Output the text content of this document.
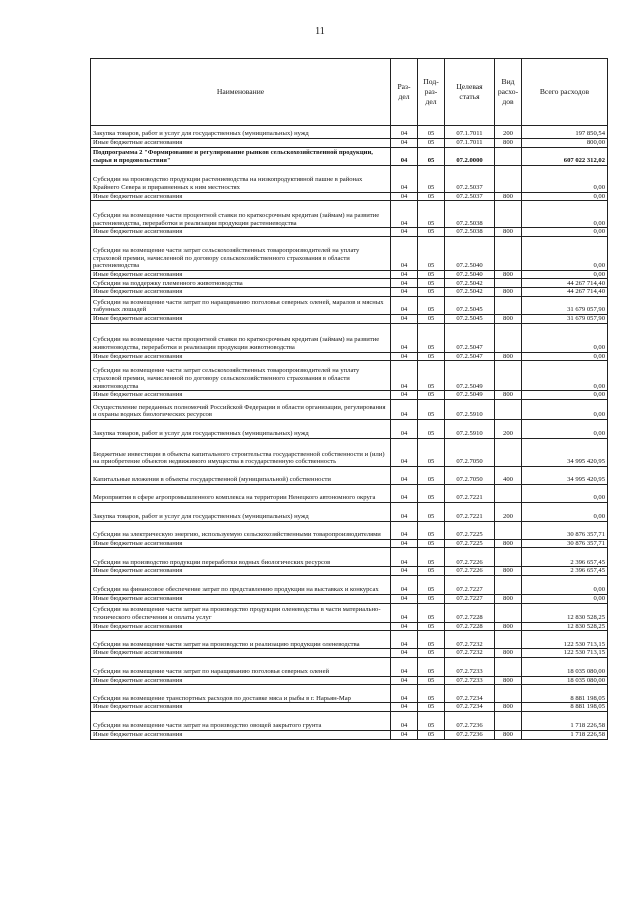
11
Наименование	Раз-дел	Под-раз-дел	Целевая статья	Вид расхо-дов	Всего расходов
Закупка товаров, работ и услуг для государственных (муниципальных) нужд	04	05	07.1.7011	200	197 850,54
Иные бюджетные ассигнования	04	05	07.1.7011	800	800,00
Подпрограмма 2 "Формирование и регулирование рынков сельскохозяйственной продукции, сырья и продовольствия"	04	05	07.2.0000		607 022 312,02
Субсидии на производство продукции растениеводства на низкопродуктивной пашне в районах Крайнего Севера и приравненных к ним местностях	04	05	07.2.5037		0,00
Иные бюджетные ассигнования	04	05	07.2.5037	800	0,00
Субсидии на возмещение части процентной ставки по краткосрочным кредитам (займам) на развитие растениеводства, переработки и реализации продукции растениеводства	04	05	07.2.5038		0,00
Иные бюджетные ассигнования	04	05	07.2.5038	800	0,00
Субсидии на возмещение части затрат сельскохозяйственных товаропроизводителей на уплату страховой премии, начисленной по договору сельскохозяйственного страхования в области растениеводства	04	05	07.2.5040		0,00
Иные бюджетные ассигнования	04	05	07.2.5040	800	0,00
Субсидии на поддержку племенного животноводства	04	05	07.2.5042		44 267 714,40
Иные бюджетные ассигнования	04	05	07.2.5042	800	44 267 714,40
Субсидии на возмещение части затрат по наращиванию поголовья северных оленей, маралов и мясных табунных лошадей	04	05	07.2.5045		31 679 057,90
Иные бюджетные ассигнования	04	05	07.2.5045	800	31 679 057,90
Субсидии на возмещение части процентной ставки по краткосрочным кредитам (займам) на развитие животноводства, переработки и реализации продукции животноводства	04	05	07.2.5047		0,00
Иные бюджетные ассигнования	04	05	07.2.5047	800	0,00
Субсидии на возмещение части затрат сельскохозяйственных товаропроизводителей на уплату страховой премии, начисленной по договору сельскохозяйственного страхования в области животноводства	04	05	07.2.5049		0,00
Иные бюджетные ассигнования	04	05	07.2.5049	800	0,00
Осуществление переданных полномочий Российской Федерации в области организации, регулирования и охраны водных биологических ресурсов	04	05	07.2.5910		0,00
Закупка товаров, работ и услуг для государственных (муниципальных) нужд	04	05	07.2.5910	200	0,00
Бюджетные инвестиции в объекты капитального строительства государственной собственности и (или) на приобретение объектов недвижимого имущества в государственную собственность	04	05	07.2.7050		34 995 420,95
Капитальные вложения в объекты государственной (муниципальной) собственности	04	05	07.2.7050	400	34 995 420,95
Мероприятия в сфере агропромышленного комплекса на территории Ненецкого автономного округа	04	05	07.2.7221		0,00
Закупка товаров, работ и услуг для государственных (муниципальных) нужд	04	05	07.2.7221	200	0,00
Субсидии на электрическую энергию, используемую сельскохозяйственными товаропроизводителями	04	05	07.2.7225		30 876 357,71
Иные бюджетные ассигнования	04	05	07.2.7225	800	30 876 357,71
Субсидии на производство продукции переработки водных биологических ресурсов	04	05	07.2.7226		2 396 657,45
Иные бюджетные ассигнования	04	05	07.2.7226	800	2 396 657,45
Субсидии на финансовое обеспечение затрат по представлению продукции на выставках и конкурсах	04	05	07.2.7227		0,00
Иные бюджетные ассигнования	04	05	07.2.7227	800	0,00
Субсидии на возмещение части затрат на производство продукции оленеводства в части материально-технического обеспечения и оплаты услуг	04	05	07.2.7228		12 830 528,25
Иные бюджетные ассигнования	04	05	07.2.7228	800	12 830 528,25
Субсидии на возмещение части затрат на производство и реализацию продукции оленеводства	04	05	07.2.7232		122 530 713,15
Иные бюджетные ассигнования	04	05	07.2.7232	800	122 530 713,15
Субсидии на возмещение части затрат по наращиванию поголовья северных оленей	04	05	07.2.7233		18 035 080,00
Иные бюджетные ассигнования	04	05	07.2.7233	800	18 035 080,00
Субсидии на возмещение транспортных расходов по доставке мяса и рыбы в г. Нарьян-Мар	04	05	07.2.7234		8 881 198,05
Иные бюджетные ассигнования	04	05	07.2.7234	800	8 881 198,05
Субсидии на возмещение части затрат на производство овощей закрытого грунта	04	05	07.2.7236		1 718 226,58
Иные бюджетные ассигнования	04	05	07.2.7236	800	1 718 226,58
